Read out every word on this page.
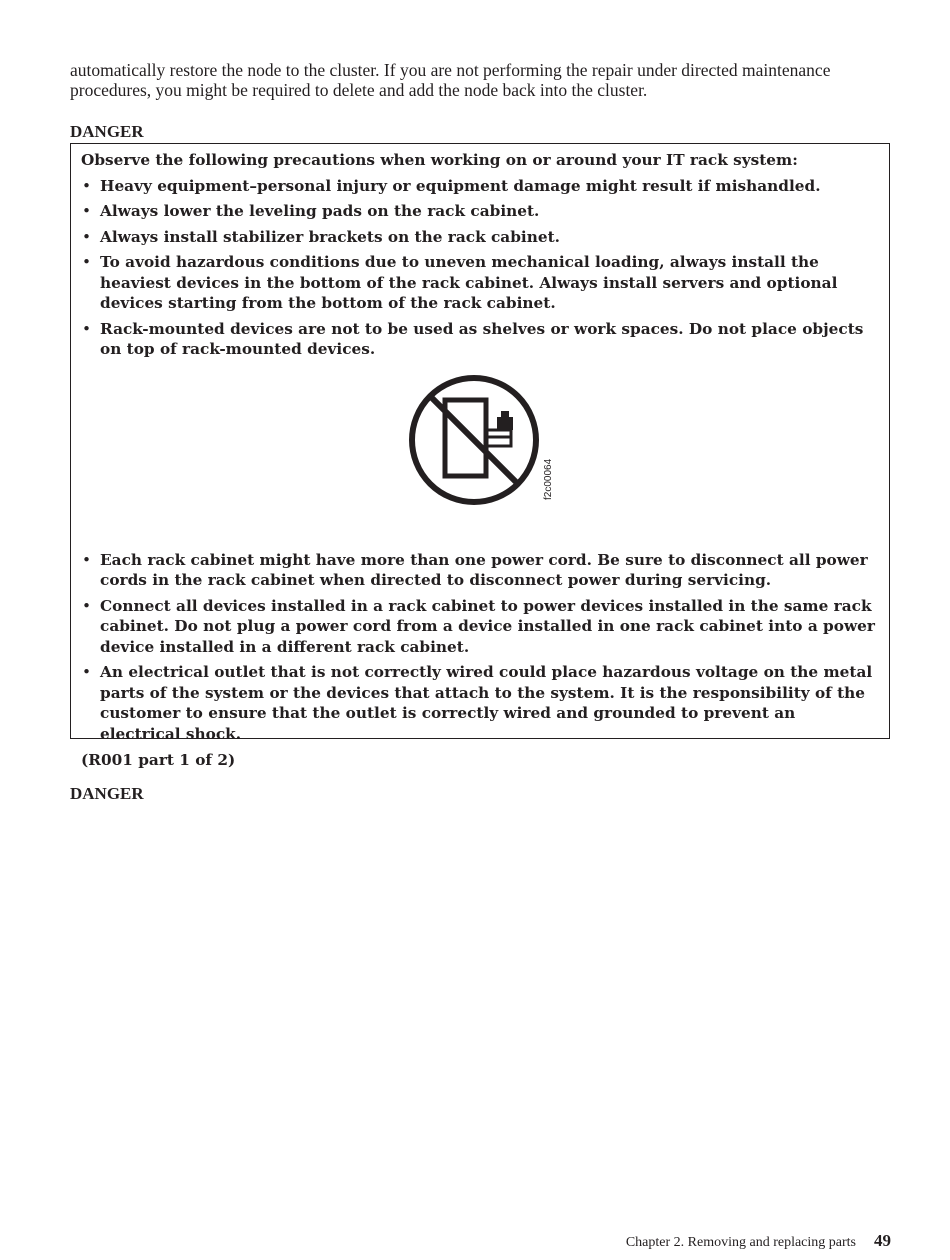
automatically restore the node to the cluster. If you are not performing the repair under directed maintenance procedures, you might be required to delete and add the node back into the cluster.
DANGER

Observe the following precautions when working on or around your IT rack system:

• Heavy equipment–personal injury or equipment damage might result if mishandled.
• Always lower the leveling pads on the rack cabinet.
• Always install stabilizer brackets on the rack cabinet.
• To avoid hazardous conditions due to uneven mechanical loading, always install the heaviest devices in the bottom of the rack cabinet. Always install servers and optional devices starting from the bottom of the rack cabinet.
• Rack-mounted devices are not to be used as shelves or work spaces. Do not place objects on top of rack-mounted devices.
f2c00064
• Each rack cabinet might have more than one power cord. Be sure to disconnect all power cords in the rack cabinet when directed to disconnect power during servicing.
• Connect all devices installed in a rack cabinet to power devices installed in the same rack cabinet. Do not plug a power cord from a device installed in one rack cabinet into a power device installed in a different rack cabinet.
• An electrical outlet that is not correctly wired could place hazardous voltage on the metal parts of the system or the devices that attach to the system. It is the responsibility of the customer to ensure that the outlet is correctly wired and grounded to prevent an electrical shock.

(R001 part 1 of 2)

DANGER
Chapter 2. Removing and replacing parts 49
